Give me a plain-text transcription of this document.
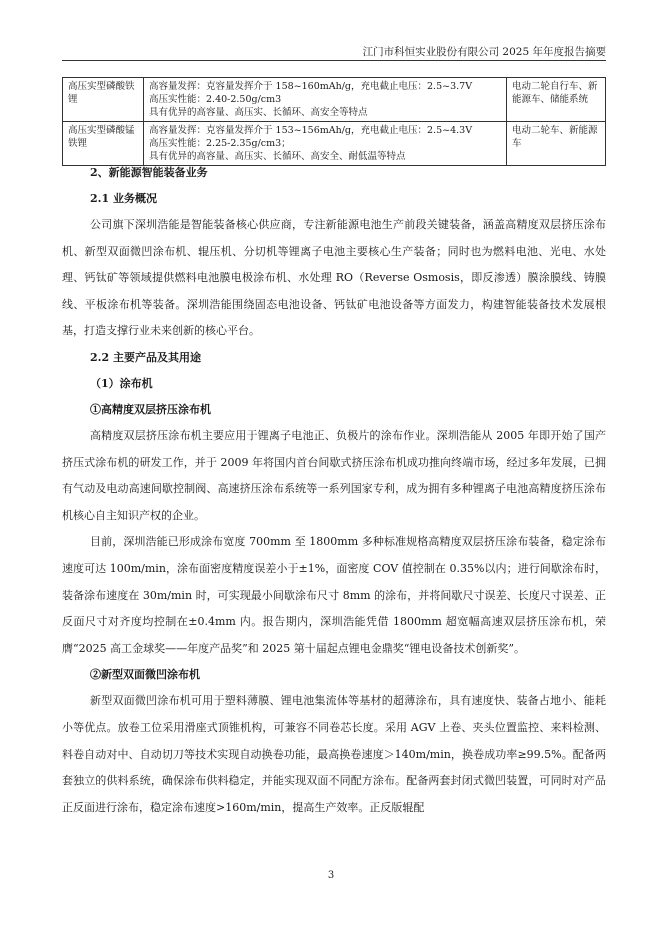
江门市科恒实业股份有限公司 2025 年年度报告摘要
高压实型磷酸铁锂	高容量发挥：克容量发挥介于 158~160mAh/g，充电截止电压：2.5~3.7V
高压实性能：2.40-2.50g/cm3
具有优异的高容量、高压实、长循环、高安全等特点	电动二轮自行车、新能源车、储能系统
高压实型磷酸锰铁锂	高容量发挥：克容量发挥介于 153~156mAh/g，充电截止电压：2.5~4.3V
高压实性能：2.25-2.35g/cm3；
具有优异的高容量、高压实、长循环、高安全、耐低温等特点	电动二轮车、新能源车
2、新能源智能装备业务
2.1 业务概况

公司旗下深圳浩能是智能装备核心供应商，专注新能源电池生产前段关键装备，涵盖高精度双层挤压涂布机、新型双面微凹涂布机、辊压机、分切机等锂离子电池主要核心生产装备；同时也为燃料电池、光电、水处理、钙钛矿等领域提供燃料电池膜电极涂布机、水处理 RO（Reverse Osmosis，即反渗透）膜涂膜线、铸膜线、平板涂布机等装备。深圳浩能围绕固态电池设备、钙钛矿电池设备等方面发力，构建智能装备技术发展根基，打造支撑行业未来创新的核心平台。

2.2 主要产品及其用途
（1）涂布机
①高精度双层挤压涂布机

高精度双层挤压涂布机主要应用于锂离子电池正、负极片的涂布作业。深圳浩能从 2005 年即开始了国产挤压式涂布机的研发工作，并于 2009 年将国内首台间歇式挤压涂布机成功推向终端市场，经过多年发展，已拥有气动及电动高速间歇控制阀、高速挤压涂布系统等一系列国家专利，成为拥有多种锂离子电池高精度挤压涂布机核心自主知识产权的企业。

目前，深圳浩能已形成涂布宽度 700mm 至 1800mm 多种标准规格高精度双层挤压涂布装备，稳定涂布速度可达 100m/min，涂布面密度精度误差小于±1%，面密度 COV 值控制在 0.35%以内；进行间歇涂布时，装备涂布速度在 30m/min 时，可实现最小间歇涂布尺寸 8mm 的涂布，并将间歇尺寸误差、长度尺寸误差、正反面尺寸对齐度均控制在±0.4mm 内。报告期内，深圳浩能凭借 1800mm 超宽幅高速双层挤压涂布机，荣膺“2025 高工金球奖——年度产品奖”和 2025 第十届起点锂电金鼎奖“锂电设备技术创新奖”。

②新型双面微凹涂布机

新型双面微凹涂布机可用于塑料薄膜、锂电池集流体等基材的超薄涂布，具有速度快、装备占地小、能耗小等优点。放卷工位采用滑座式顶锥机构，可兼容不同卷芯长度。采用 AGV 上卷、夹头位置监控、来料检测、料卷自动对中、自动切刀等技术实现自动换卷功能，最高换卷速度＞140m/min，换卷成功率≥99.5%。配备两套独立的供料系统，确保涂布供料稳定，并能实现双面不同配方涂布。配备两套封闭式微凹装置，可同时对产品正反面进行涂布，稳定涂布速度>160m/min，提高生产效率。正反版辊配

3
